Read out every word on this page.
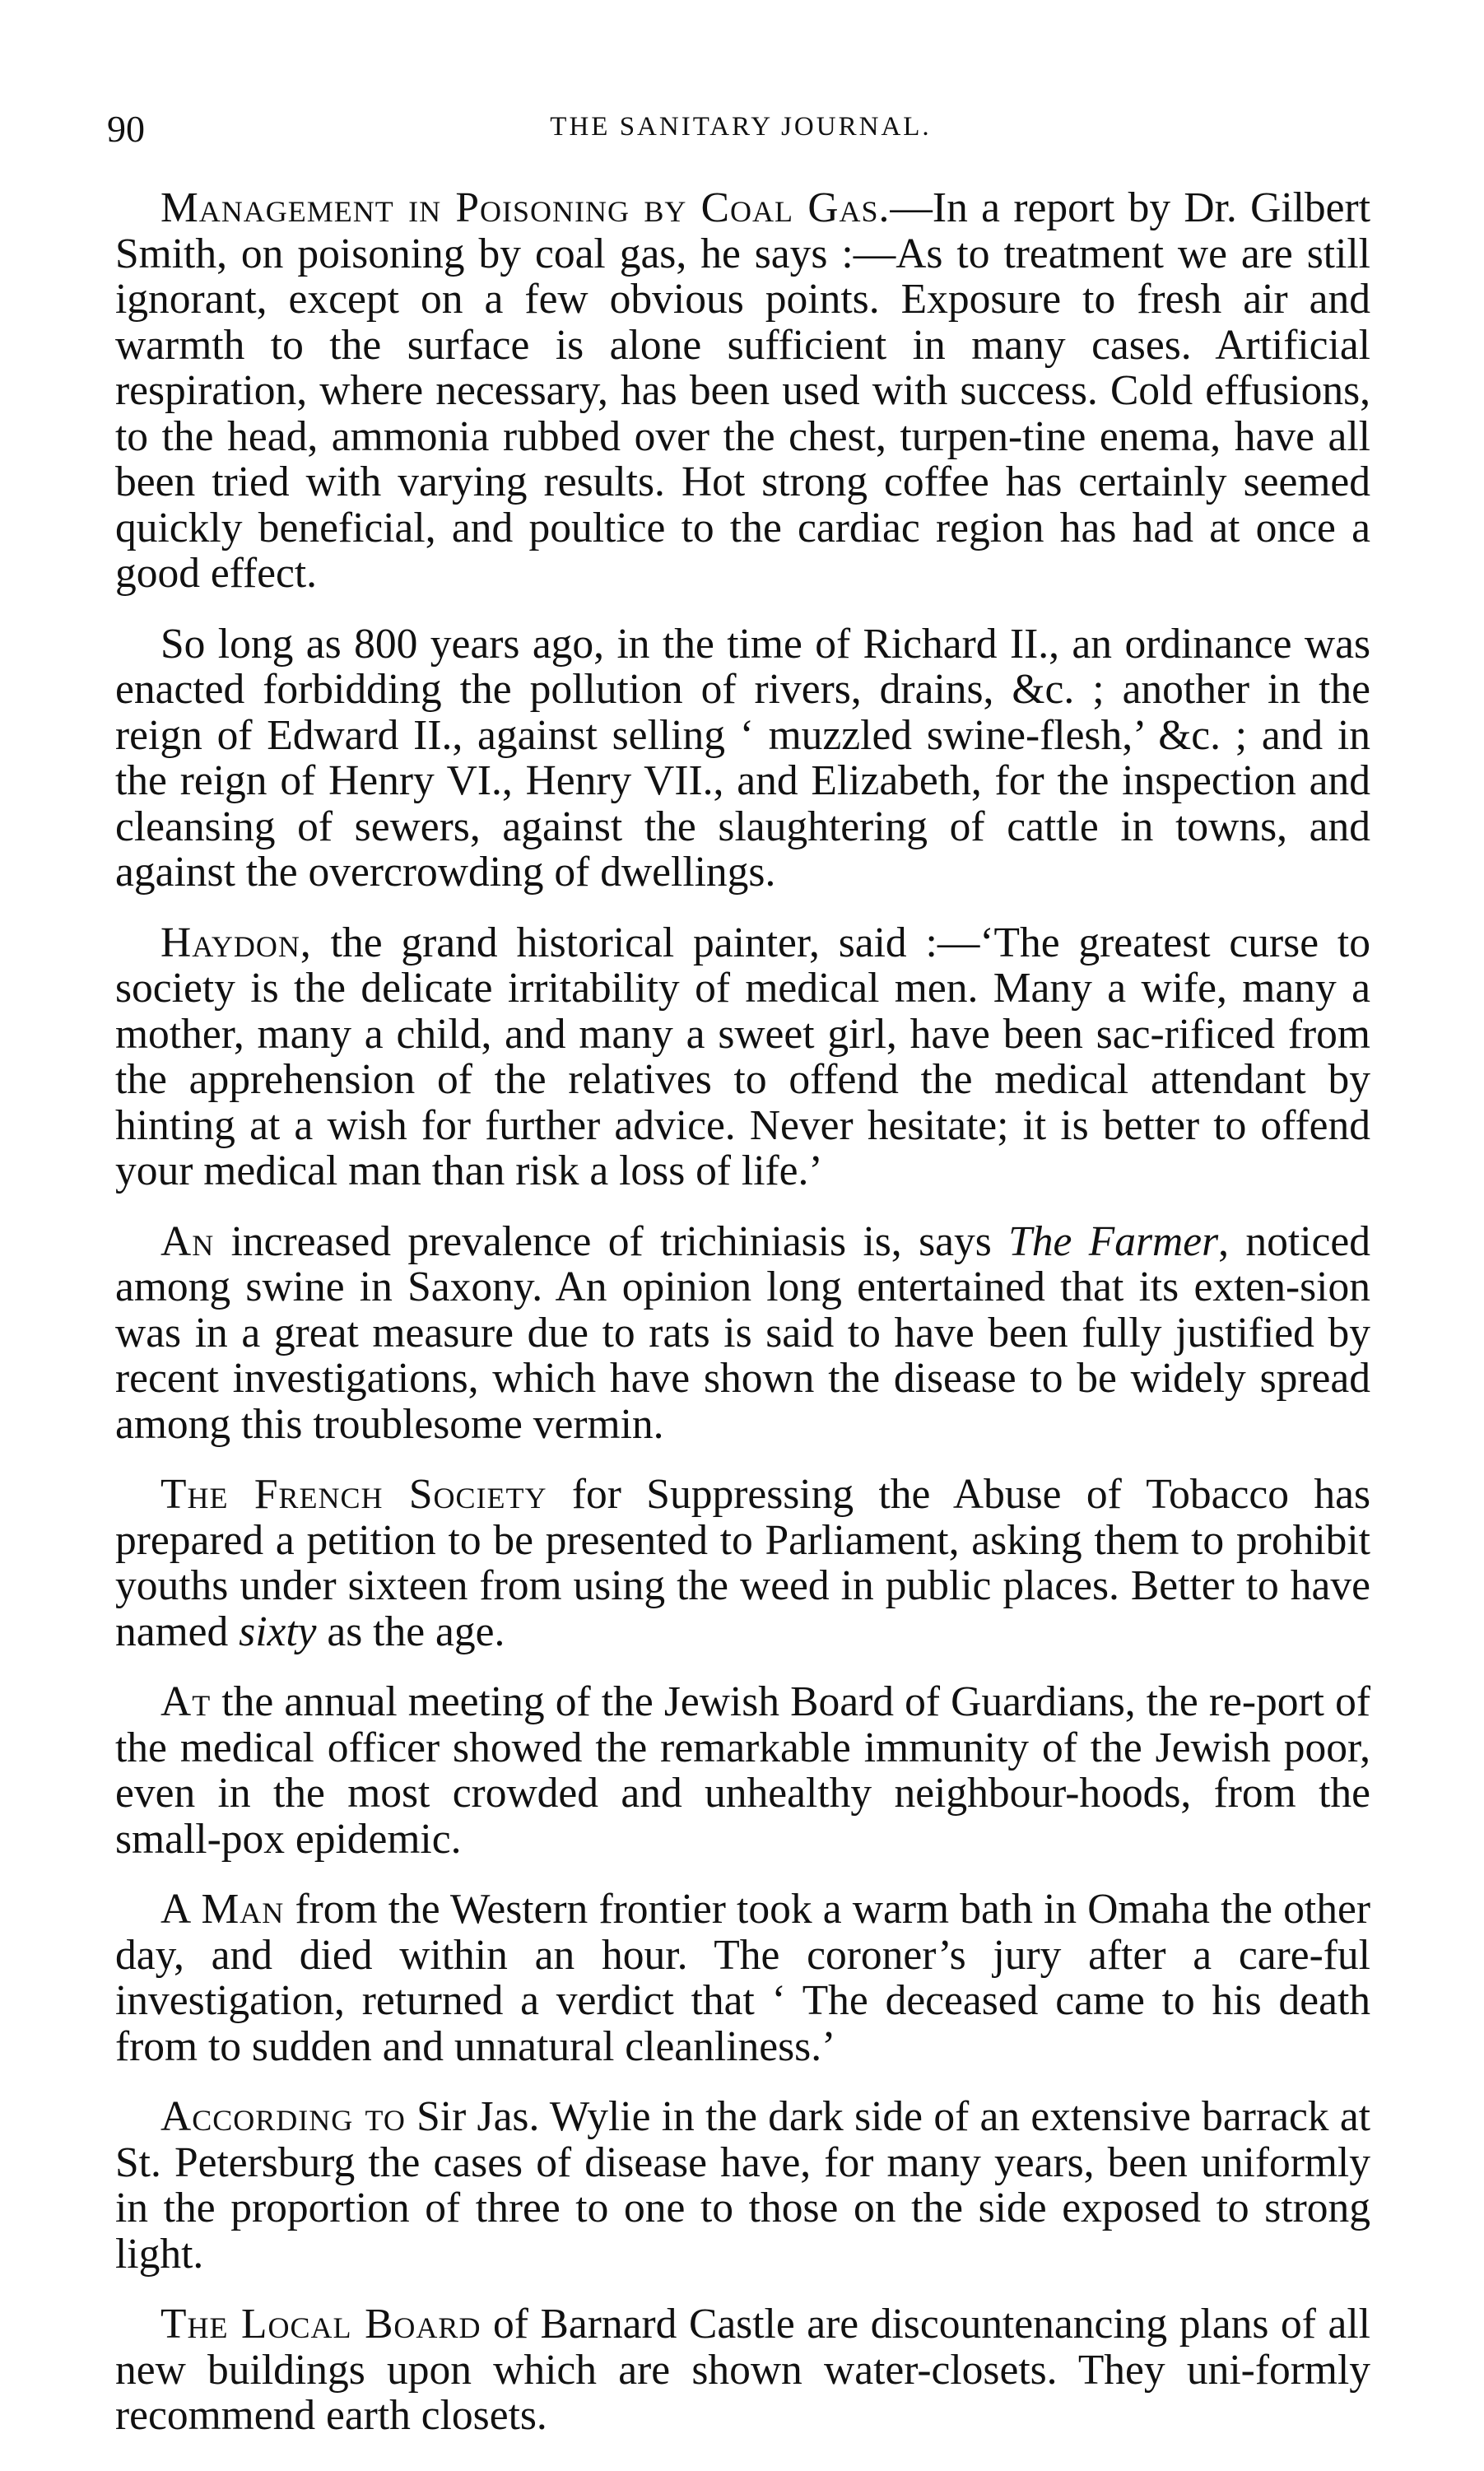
90	THE SANITARY JOURNAL.

Management in Poisoning by Coal Gas.—In a report by Dr. Gilbert Smith, on poisoning by coal gas, he says :—As to treatment we are still ignorant, except on a few obvious points. Exposure to fresh air and warmth to the surface is alone sufficient in many cases. Artificial respiration, where necessary, has been used with success. Cold effusions, to the head, ammonia rubbed over the chest, turpen-tine enema, have all been tried with varying results. Hot strong coffee has certainly seemed quickly beneficial, and poultice to the cardiac region has had at once a good effect.

So long as 800 years ago, in the time of Richard II., an ordinance was enacted forbidding the pollution of rivers, drains, &c. ; another in the reign of Edward II., against selling ‘ muzzled swine-flesh,’ &c. ; and in the reign of Henry VI., Henry VII., and Elizabeth, for the inspection and cleansing of sewers, against the slaughtering of cattle in towns, and against the overcrowding of dwellings.

Haydon, the grand historical painter, said :—‘The greatest curse to society is the delicate irritability of medical men. Many a wife, many a mother, many a child, and many a sweet girl, have been sac-rificed from the apprehension of the relatives to offend the medical attendant by hinting at a wish for further advice. Never hesitate; it is better to offend your medical man than risk a loss of life.’

An increased prevalence of trichiniasis is, says The Farmer, noticed among swine in Saxony. An opinion long entertained that its exten-sion was in a great measure due to rats is said to have been fully justified by recent investigations, which have shown the disease to be widely spread among this troublesome vermin.

The French Society for Suppressing the Abuse of Tobacco has prepared a petition to be presented to Parliament, asking them to prohibit youths under sixteen from using the weed in public places. Better to have named sixty as the age.

At the annual meeting of the Jewish Board of Guardians, the re-port of the medical officer showed the remarkable immunity of the Jewish poor, even in the most crowded and unhealthy neighbour-hoods, from the small-pox epidemic.

A Man from the Western frontier took a warm bath in Omaha the other day, and died within an hour. The coroner’s jury after a care-ful investigation, returned a verdict that ‘ The deceased came to his death from to sudden and unnatural cleanliness.’

According to Sir Jas. Wylie in the dark side of an extensive barrack at St. Petersburg the cases of disease have, for many years, been uniformly in the proportion of three to one to those on the side exposed to strong light.

The Local Board of Barnard Castle are discountenancing plans of all new buildings upon which are shown water-closets. They uni-formly recommend earth closets.
